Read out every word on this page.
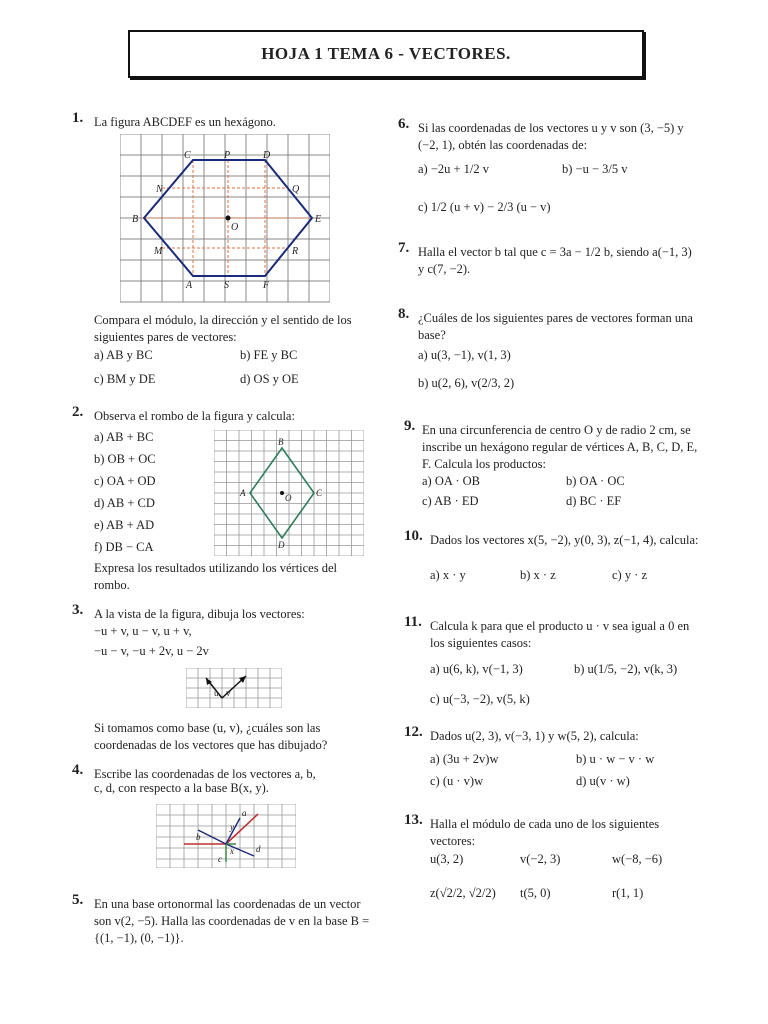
HOJA 1 TEMA 6 - VECTORES.
1. La figura ABCDEF es un hexágono.
C	P	D
N	Q
B
O
E
M	R
A	S	F
Compara el módulo, la dirección y el sentido de los siguientes pares de vectores:
a) AB y BC	b) FE y BC
c) BM y DE	d) OS y OE
2. Observa el rombo de la figura y calcula:
a) AB + BC
b) OB + OC
c) OA + OD
d) AB + CD
e) AB + AD
f) DB − CA
B
A	C
D
O
Expresa los resultados utilizando los vértices del rombo.
3. A la vista de la figura, dibuja los vectores:
−u + v, u − v, u + v,
−u − v, −u + 2v, u − 2v
u v
Si tomamos como base (u, v), ¿cuáles son las coordenadas de los vectores que has dibujado?
4. Escribe las coordenadas de los vectores a, b,
c, d, con respecto a la base B(x, y).
a
b
c
d
x
y
5. En una base ortonormal las coordenadas de un vector son v(2, −5). Halla las coordenadas de v en la base B = {(1, −1), (0, −1)}.
6. Si las coordenadas de los vectores u y v son (3, −5) y (−2, 1), obtén las coordenadas de:
a) −2u + 1/2 v	b) −u − 3/5 v
c) 1/2 (u + v) − 2/3 (u − v)
7. Halla el vector b tal que c = 3a − 1/2 b, siendo a(−1, 3) y c(7, −2).
8. ¿Cuáles de los siguientes pares de vectores forman una base?
a) u(3, −1), v(1, 3)
b) u(2, 6), v(2/3, 2)
9. En una circunferencia de centro O y de radio 2 cm, se inscribe un hexágono regular de vértices A, B, C, D, E, F. Calcula los productos:
a) OA · OB	b) OA · OC
c) AB · ED	d) BC · EF
10. Dados los vectores x(5, −2), y(0, 3), z(−1, 4), calcula:
a) x · y	b) x · z	c) y · z
11. Calcula k para que el producto u · v sea igual a 0 en los siguientes casos:
a) u(6, k), v(−1, 3)	b) u(1/5, −2), v(k, 3)
c) u(−3, −2), v(5, k)
12. Dados u(2, 3), v(−3, 1) y w(5, 2), calcula:
a) (3u + 2v)w	b) u · w − v · w
c) (u · v)w	d) u(v · w)
13. Halla el módulo de cada uno de los siguientes vectores:
u(3, 2)	v(−2, 3)	w(−8, −6)
z(√2/2, √2/2) t(5, 0)	r(1, 1)
